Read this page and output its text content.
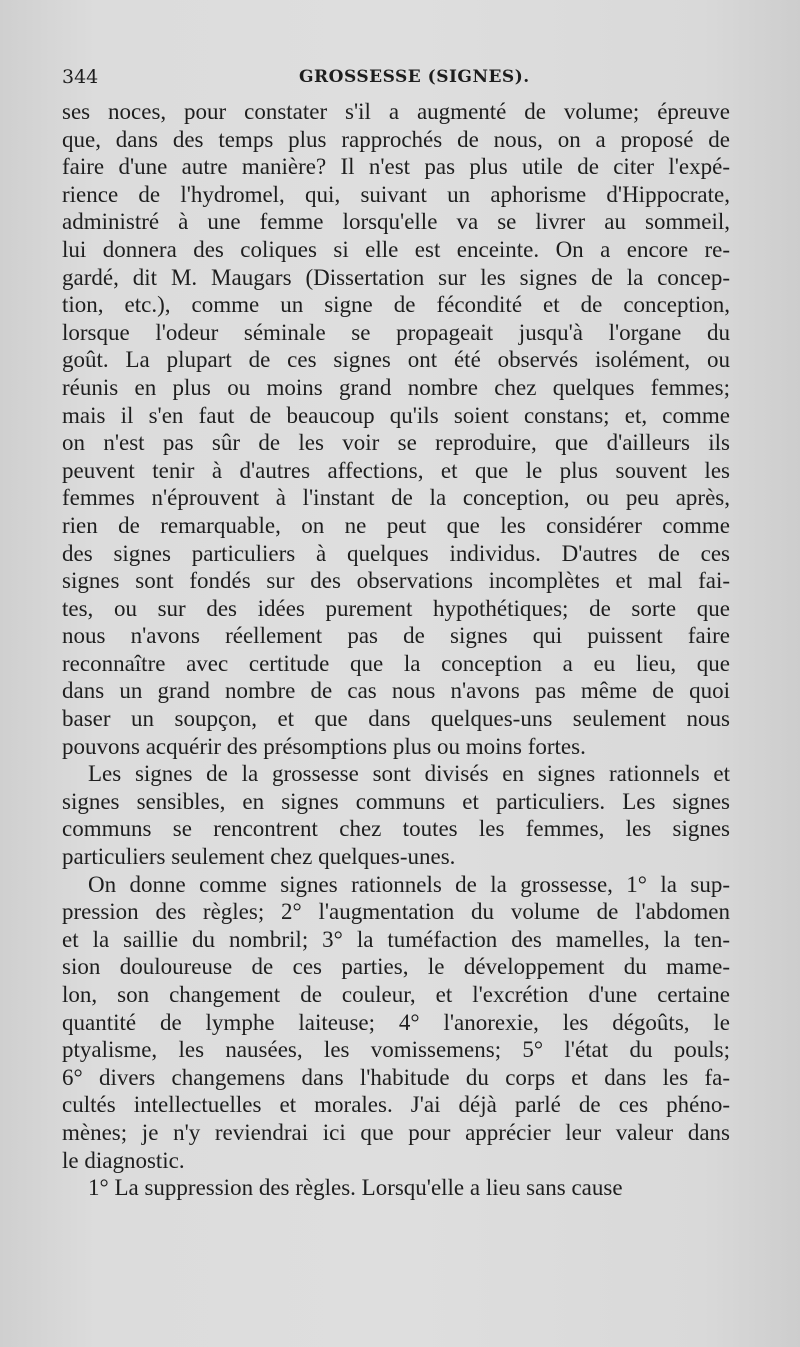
344	GROSSESSE (SIGNES).
ses noces, pour constater s'il a augmenté de volume; épreuve
que, dans des temps plus rapprochés de nous, on a proposé de
faire d'une autre manière? Il n'est pas plus utile de citer l'expé-
rience de l'hydromel, qui, suivant un aphorisme d'Hippocrate,
administré à une femme lorsqu'elle va se livrer au sommeil,
lui donnera des coliques si elle est enceinte. On a encore re-
gardé, dit M. Maugars (Dissertation sur les signes de la concep-
tion, etc.), comme un signe de fécondité et de conception,
lorsque l'odeur séminale se propageait jusqu'à l'organe du
goût. La plupart de ces signes ont été observés isolément, ou
réunis en plus ou moins grand nombre chez quelques femmes;
mais il s'en faut de beaucoup qu'ils soient constans; et, comme
on n'est pas sûr de les voir se reproduire, que d'ailleurs ils
peuvent tenir à d'autres affections, et que le plus souvent les
femmes n'éprouvent à l'instant de la conception, ou peu après,
rien de remarquable, on ne peut que les considérer comme
des signes particuliers à quelques individus. D'autres de ces
signes sont fondés sur des observations incomplètes et mal fai-
tes, ou sur des idées purement hypothétiques; de sorte que
nous n'avons réellement pas de signes qui puissent faire
reconnaître avec certitude que la conception a eu lieu, que
dans un grand nombre de cas nous n'avons pas même de quoi
baser un soupçon, et que dans quelques-uns seulement nous
pouvons acquérir des présomptions plus ou moins fortes.
Les signes de la grossesse sont divisés en signes rationnels et
signes sensibles, en signes communs et particuliers. Les signes
communs se rencontrent chez toutes les femmes, les signes
particuliers seulement chez quelques-unes.
On donne comme signes rationnels de la grossesse, 1° la sup-
pression des règles; 2° l'augmentation du volume de l'abdomen
et la saillie du nombril; 3° la tuméfaction des mamelles, la ten-
sion douloureuse de ces parties, le développement du mame-
lon, son changement de couleur, et l'excrétion d'une certaine
quantité de lymphe laiteuse; 4° l'anorexie, les dégoûts, le
ptyalisme, les nausées, les vomissemens; 5° l'état du pouls;
6° divers changemens dans l'habitude du corps et dans les fa-
cultés intellectuelles et morales. J'ai déjà parlé de ces phéno-
mènes; je n'y reviendrai ici que pour apprécier leur valeur dans
le diagnostic.
1° La suppression des règles. Lorsqu'elle a lieu sans cause
